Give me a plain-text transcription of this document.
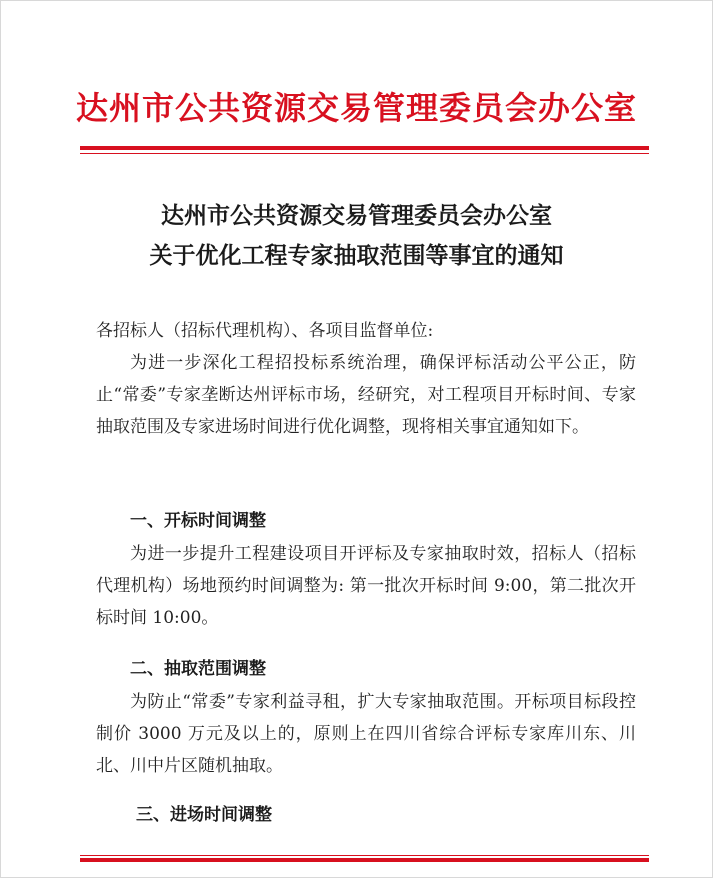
达州市公共资源交易管理委员会办公室
达州市公共资源交易管理委员会办公室
关于优化工程专家抽取范围等事宜的通知

各招标人（招标代理机构）、各项目监督单位:

为进一步深化工程招投标系统治理，确保评标活动公平公正，防止“常委”专家垄断达州评标市场，经研究，对工程项目开标时间、专家抽取范围及专家进场时间进行优化调整，现将相关事宜通知如下。

一、开标时间调整

为进一步提升工程建设项目开评标及专家抽取时效，招标人（招标代理机构）场地预约时间调整为: 第一批次开标时间 9:00，第二批次开标时间 10:00。

二、抽取范围调整

为防止“常委”专家利益寻租，扩大专家抽取范围。开标项目标段控制价 3000 万元及以上的，原则上在四川省综合评标专家库川东、川北、川中片区随机抽取。

三、进场时间调整
